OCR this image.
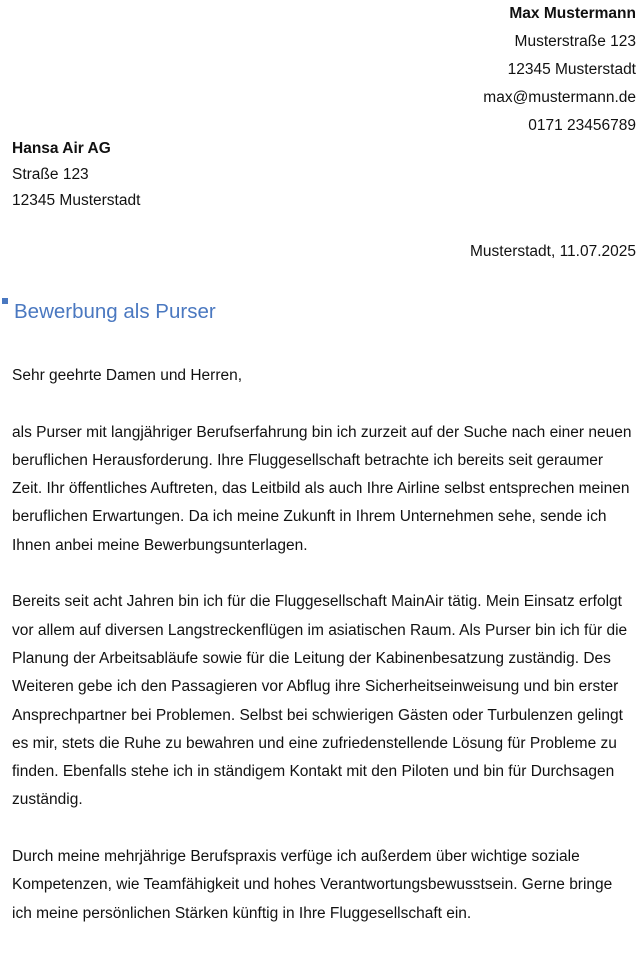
Max Mustermann
Musterstraße 123
12345 Musterstadt
max@mustermann.de
0171 23456789
Hansa Air AG
Straße 123
12345 Musterstadt
Musterstadt, 11.07.2025
Bewerbung als Purser

Sehr geehrte Damen und Herren,

als Purser mit langjähriger Berufserfahrung bin ich zurzeit auf der Suche nach einer neuen beruflichen Herausforderung. Ihre Fluggesellschaft betrachte ich bereits seit geraumer Zeit. Ihr öffentliches Auftreten, das Leitbild als auch Ihre Airline selbst entsprechen meinen beruflichen Erwartungen. Da ich meine Zukunft in Ihrem Unternehmen sehe, sende ich Ihnen anbei meine Bewerbungsunterlagen.

Bereits seit acht Jahren bin ich für die Fluggesellschaft MainAir tätig. Mein Einsatz erfolgt vor allem auf diversen Langstreckenflügen im asiatischen Raum. Als Purser bin ich für die Planung der Arbeitsabläufe sowie für die Leitung der Kabinenbesatzung zuständig. Des Weiteren gebe ich den Passagieren vor Abflug ihre Sicherheitseinweisung und bin erster Ansprechpartner bei Problemen. Selbst bei schwierigen Gästen oder Turbulenzen gelingt es mir, stets die Ruhe zu bewahren und eine zufriedenstellende Lösung für Probleme zu finden. Ebenfalls stehe ich in ständigem Kontakt mit den Piloten und bin für Durchsagen zuständig.

Durch meine mehrjährige Berufspraxis verfüge ich außerdem über wichtige soziale Kompetenzen, wie Teamfähigkeit und hohes Verantwortungsbewusstsein. Gerne bringe ich meine persönlichen Stärken künftig in Ihre Fluggesellschaft ein.
